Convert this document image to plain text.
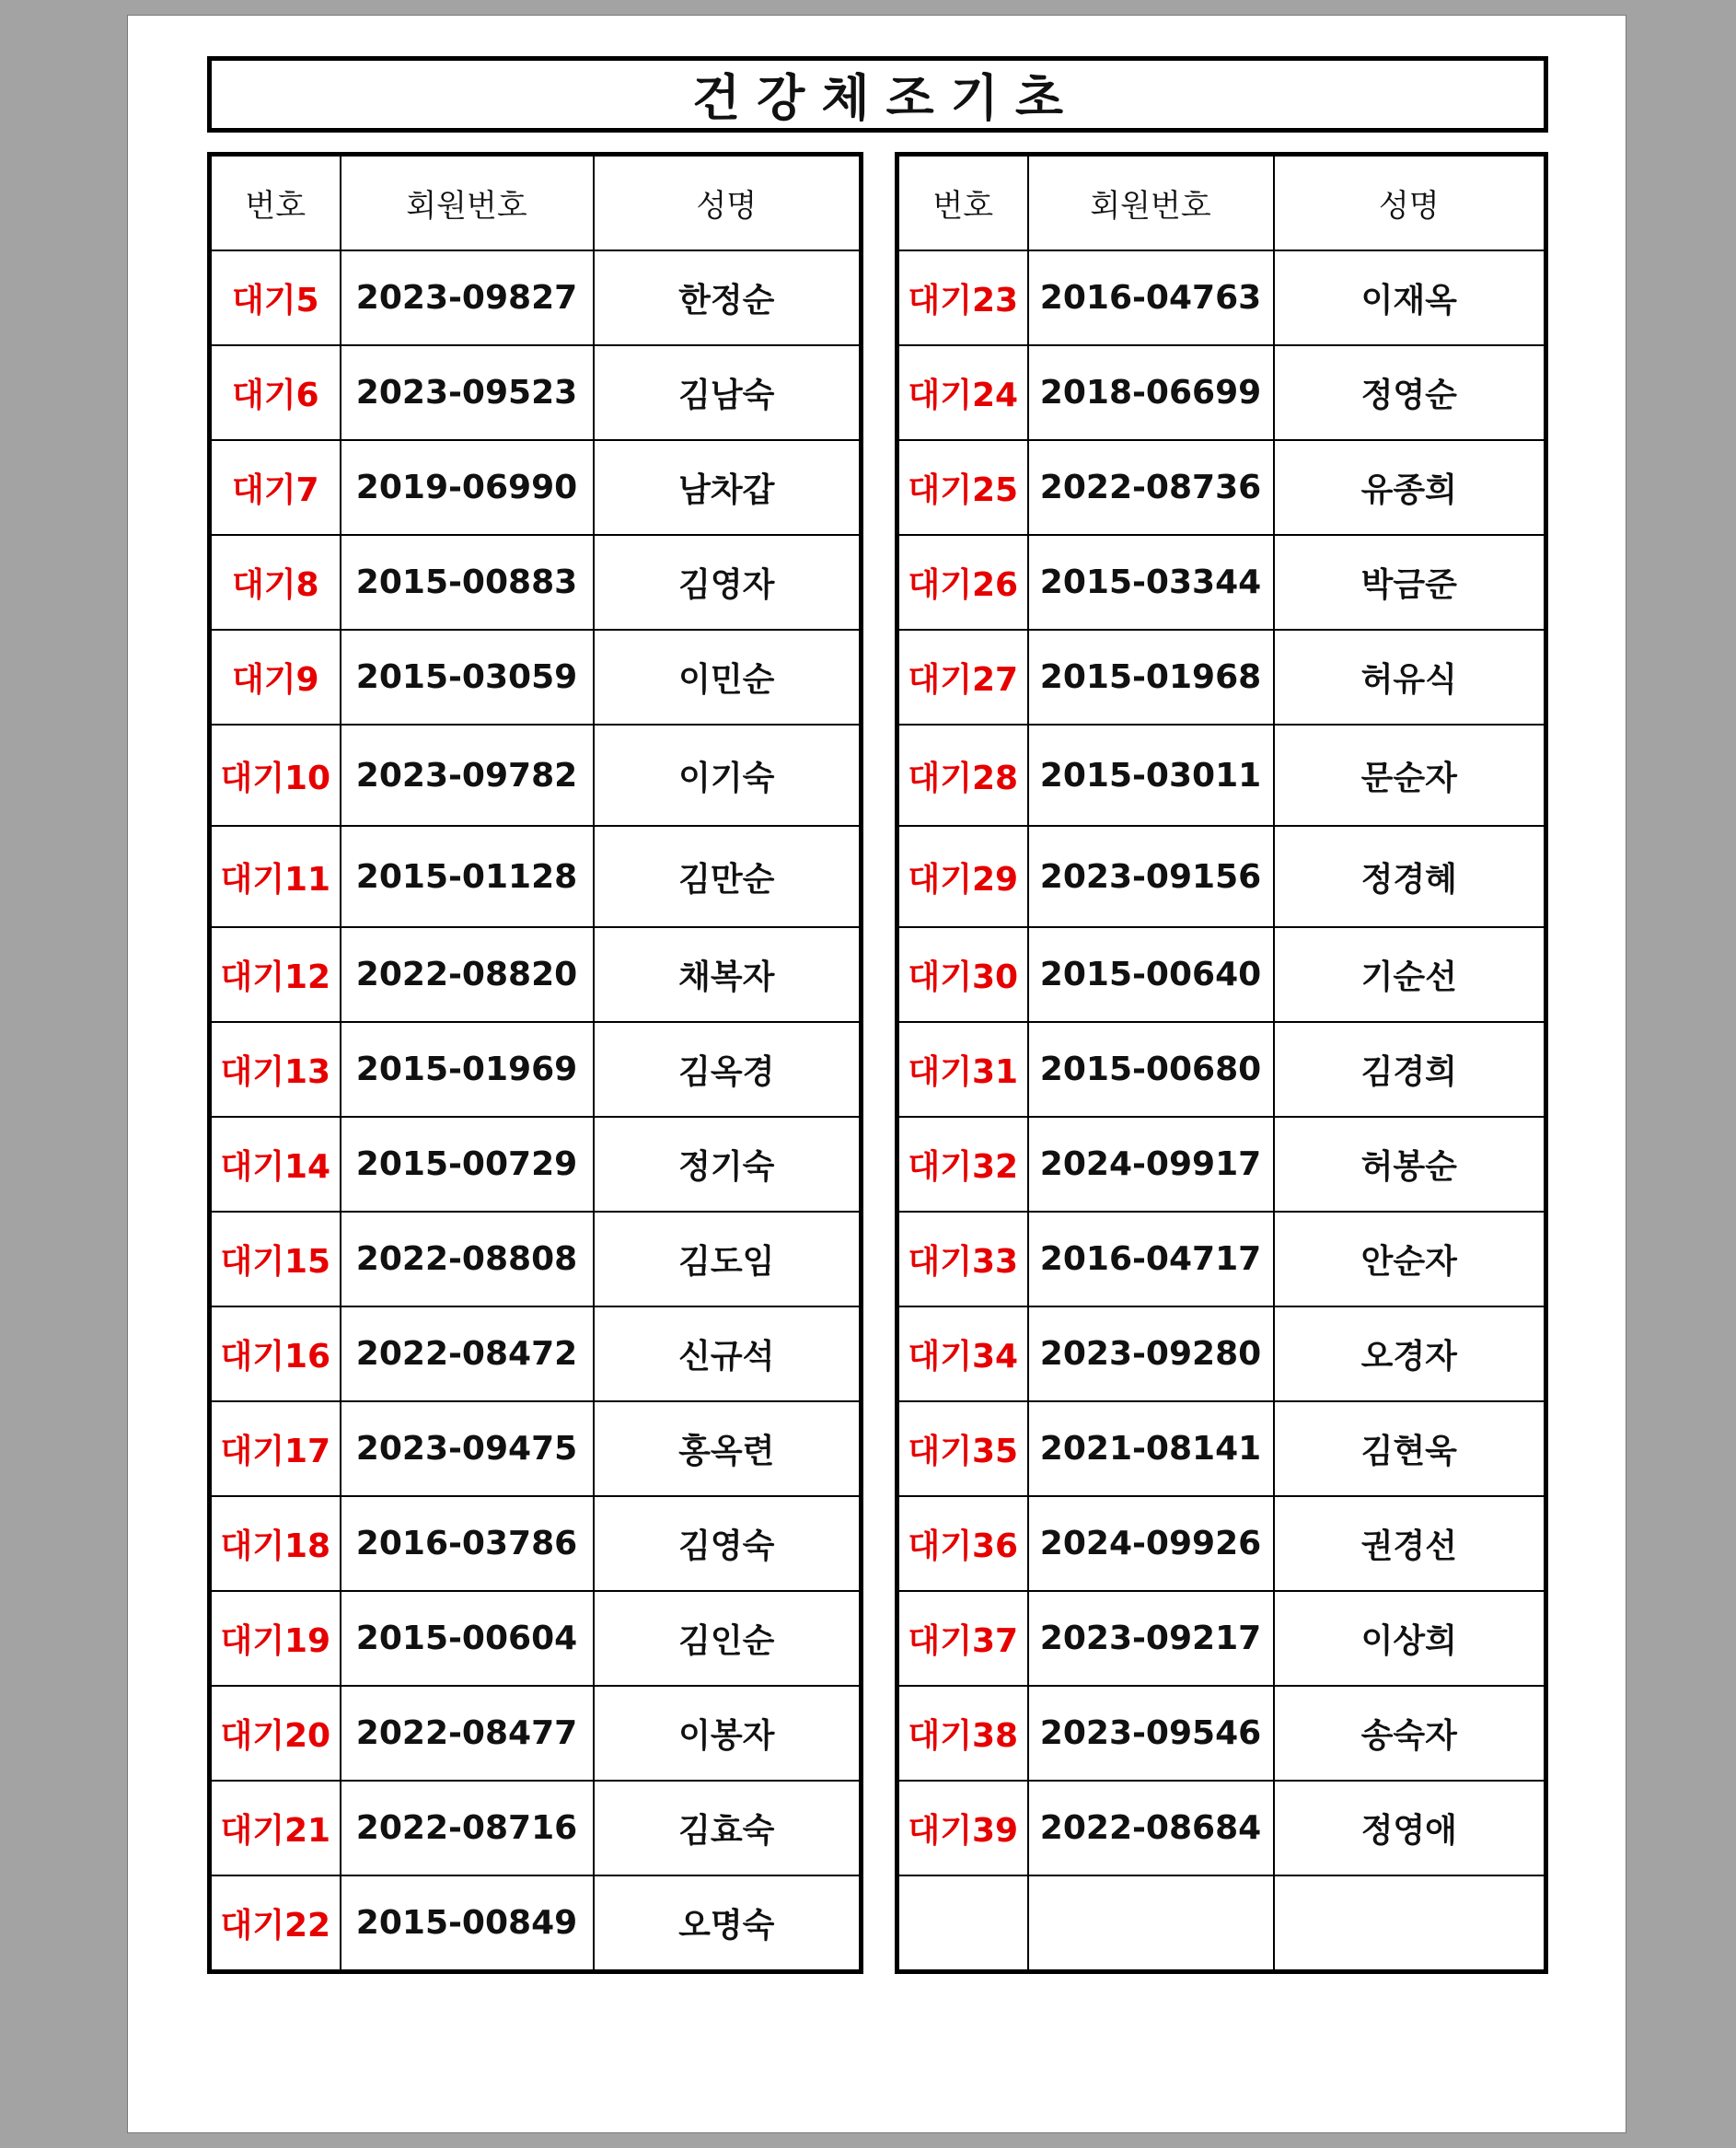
건강체조기초
번호	회원번호	성명
대기5	2023-09827	한정순
대기6	2023-09523	김남숙
대기7	2019-06990	남차갑
대기8	2015-00883	김영자
대기9	2015-03059	이민순
대기10	2023-09782	이기숙
대기11	2015-01128	김만순
대기12	2022-08820	채복자
대기13	2015-01969	김옥경
대기14	2015-00729	정기숙
대기15	2022-08808	김도임
대기16	2022-08472	신규석
대기17	2023-09475	홍옥련
대기18	2016-03786	김영숙
대기19	2015-00604	김인순
대기20	2022-08477	이봉자
대기21	2022-08716	김효숙
대기22	2015-00849	오명숙
번호	회원번호	성명
대기23	2016-04763	이재옥
대기24	2018-06699	정영순
대기25	2022-08736	유종희
대기26	2015-03344	박금준
대기27	2015-01968	허유식
대기28	2015-03011	문순자
대기29	2023-09156	정경혜
대기30	2015-00640	기순선
대기31	2015-00680	김경희
대기32	2024-09917	허봉순
대기33	2016-04717	안순자
대기34	2023-09280	오경자
대기35	2021-08141	김현욱
대기36	2024-09926	권경선
대기37	2023-09217	이상희
대기38	2023-09546	송숙자
대기39	2022-08684	정영애
